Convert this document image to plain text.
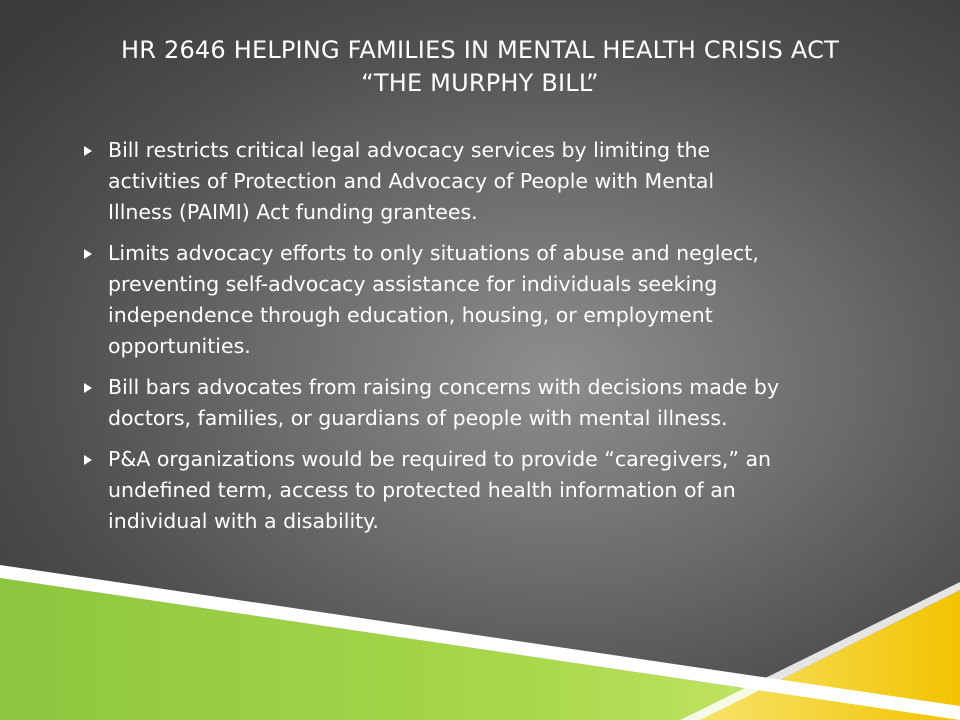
HR 2646 HELPING FAMILIES IN MENTAL HEALTH CRISIS ACT
“THE MURPHY BILL”
Bill restricts critical legal advocacy services by limiting the
activities of Protection and Advocacy of People with Mental
Illness (PAIMI) Act funding grantees.
Limits advocacy efforts to only situations of abuse and neglect,
preventing self-advocacy assistance for individuals seeking
independence through education, housing, or employment
opportunities.
Bill bars advocates from raising concerns with decisions made by
doctors, families, or guardians of people with mental illness.
P&A organizations would be required to provide “caregivers,” an
undefined term, access to protected health information of an
individual with a disability.
